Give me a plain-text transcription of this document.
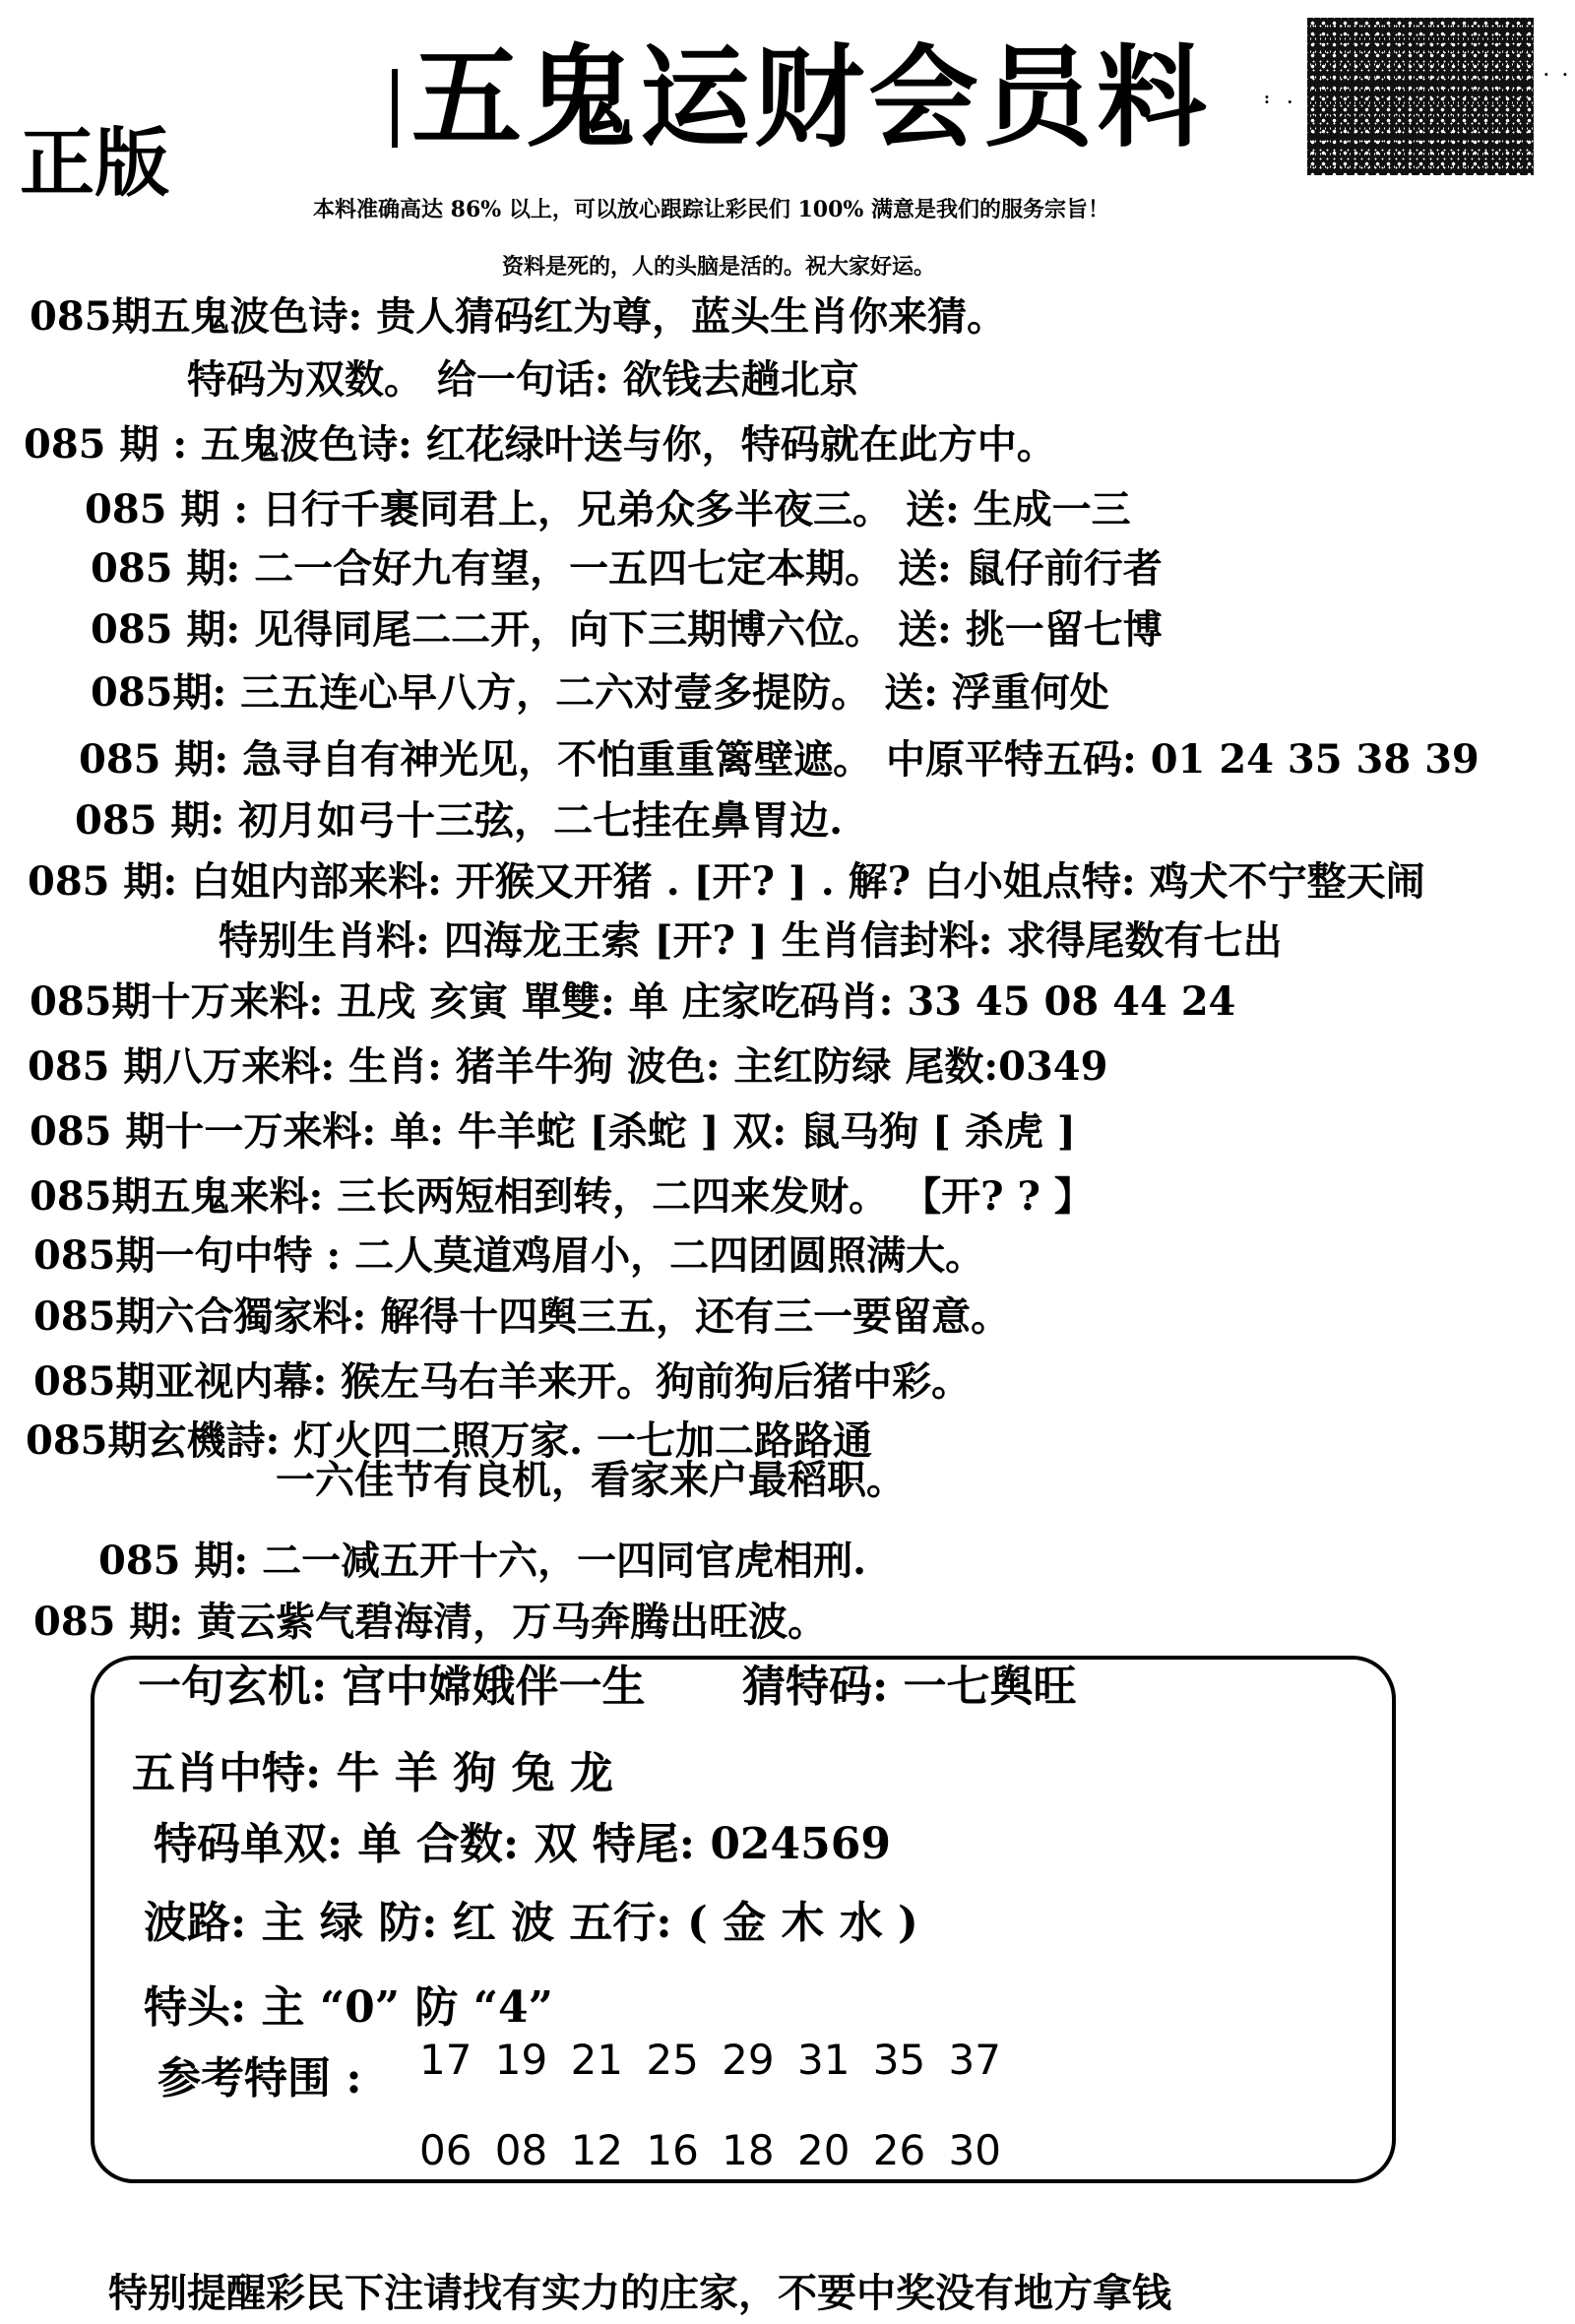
五鬼运财会员料
正版
: . .
. .
本料准确高达 86% 以上，可以放心跟踪让彩民们 100% 满意是我们的服务宗旨！
资料是死的，人的头脑是活的。祝大家好运。
085期五鬼波色诗: 贵人猜码红为尊，蓝头生肖你来猜。
特码为双数。 给一句话: 欲钱去趟北京
085 期 : 五鬼波色诗: 红花绿叶送与你，特码就在此方中。
085 期 : 日行千裹同君上，兄弟众多半夜三。 送: 生成一三
085 期: 二一合好九有望，一五四七定本期。 送: 鼠仔前行者
085 期: 见得同尾二二开，向下三期博六位。 送: 挑一留七博
085期: 三五连心早八方，二六对壹多提防。 送: 浮重何处
085 期: 急寻自有神光见，不怕重重篱壁遮。 中原平特五码: 01 24 35 38 39
085 期: 初月如弓十三弦，二七挂在鼻胃边.
085 期: 白姐内部来料: 开猴又开猪 . [开? ] . 解? 白小姐点特: 鸡犬不宁整天闹
特别生肖料: 四海龙王索 [开? ] 生肖信封料: 求得尾数有七出
085期十万来料: 丑戌 亥寅 單雙: 单 庄家吃码肖: 33 45 08 44 24
085 期八万来料: 生肖: 猪羊牛狗 波色: 主红防绿 尾数:0349
085 期十一万来料: 单: 牛羊蛇 [杀蛇 ] 双: 鼠马狗 [ 杀虎 ]
085期五鬼来料: 三长两短相到转，二四来发财。 【开? ? 】
085期一句中特 : 二人莫道鸡眉小，二四团圆照满大。
085期六合獨家料: 解得十四舆三五，还有三一要留意。
085期亚视内幕: 猴左马右羊来开。狗前狗后猪中彩。
085期玄機詩: 灯火四二照万家. 一七加二路路通
一六佳节有良机，看家来户最稻职。
085 期: 二一减五开十六，一四同官虎相刑.
085 期: 黄云紫气碧海清，万马奔腾出旺波。
一句玄机: 宫中嫦娥伴一生 猜特码: 一七舆旺
五肖中特: 牛 羊 狗 兔 龙
特码单双: 单 合数: 双 特尾: 024569
波路: 主 绿 防: 红 波 五行: ( 金 木 水 )
特头: 主 “0” 防 “4”
参考特围 : 17 19 21 25 29 31 35 37
06 08 12 16 18 20 26 30
特别提醒彩民下注请找有实力的庄家，不要中奖没有地方拿钱
